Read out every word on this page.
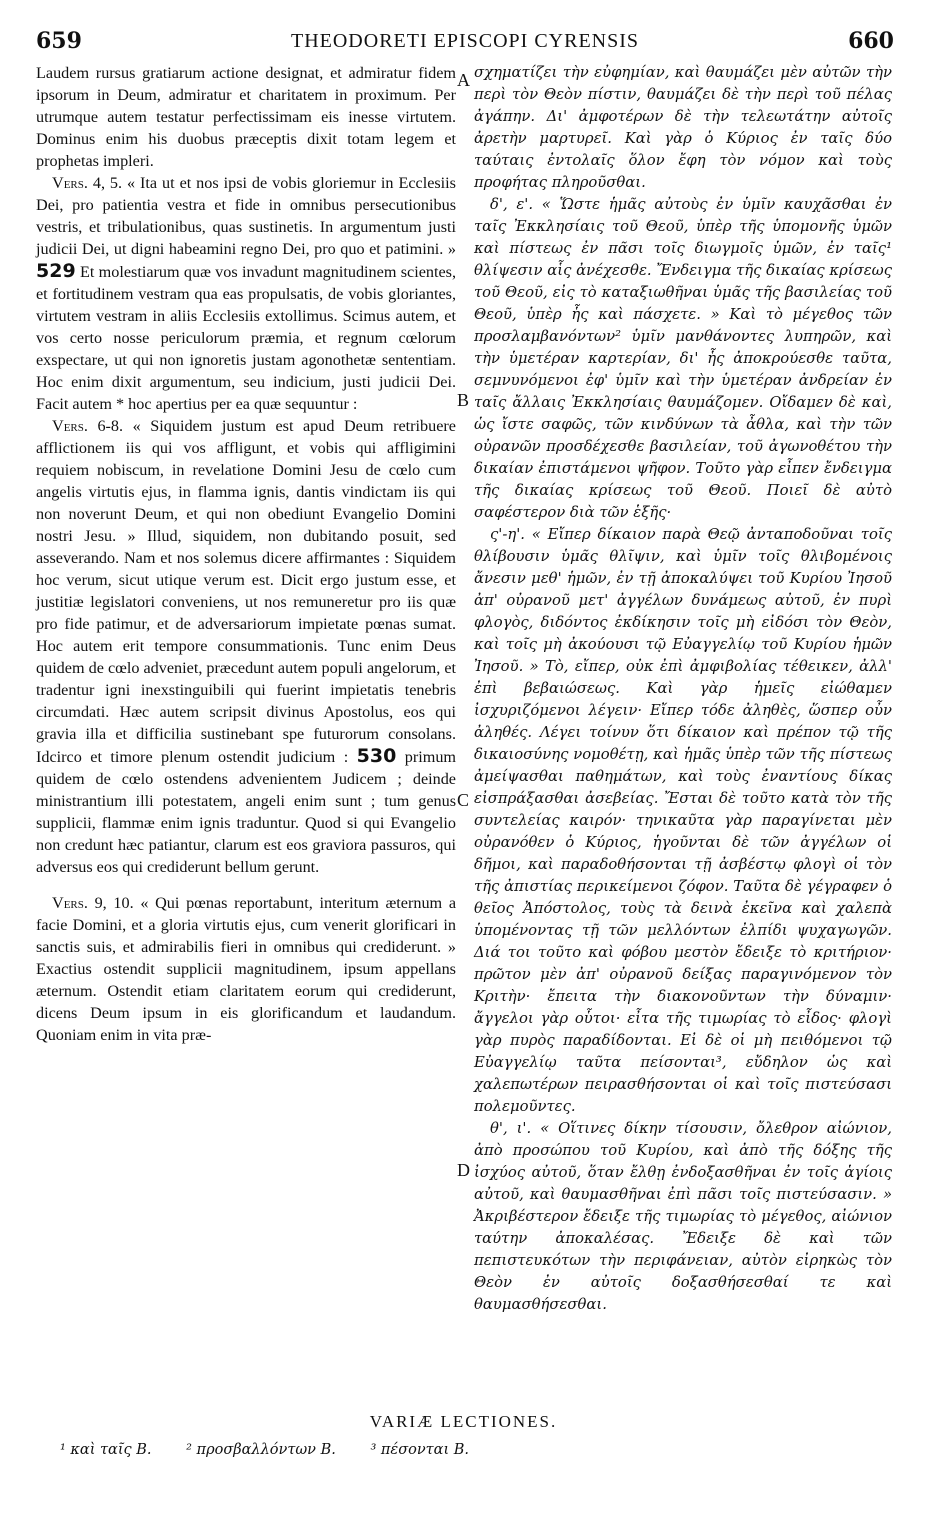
659	THEODORETI EPISCOPI CYRENSIS	660

Laudem rursus gratiarum actione designat, et admiratur fidem ipsorum in Deum, admiratur et charitatem in proximum. Per utrumque autem testatur perfectissimam eis inesse virtutem. Dominus enim his duobus præceptis dixit totam legem et prophetas impleri.

Vers. 4, 5. « Ita ut et nos ipsi de vobis gloriemur in Ecclesiis Dei, pro patientia vestra et fide in omnibus persecutionibus vestris, et tribulationibus, quas sustinetis. In argumentum justi judicii Dei, ut digni habeamini regno Dei, pro quo et patimini. » 529 Et molestiarum quæ vos invadunt magnitudinem scientes, et fortitudinem vestram qua eas propulsatis, de vobis gloriantes, virtutem vestram in aliis Ecclesiis extollimus. Scimus autem, et vos certo nosse periculorum præmia, et regnum cœlorum exspectare, ut qui non ignoretis justam agonothetæ sententiam. Hoc enim dixit argumentum, seu indicium, justi judicii Dei. Facit autem * hoc apertius per ea quæ sequuntur :

Vers. 6-8. « Siquidem justum est apud Deum retribuere afflictionem iis qui vos affligunt, et vobis qui affligimini requiem nobiscum, in revelatione Domini Jesu de cœlo cum angelis virtutis ejus, in flamma ignis, dantis vindictam iis qui non noverunt Deum, et qui non obediunt Evangelio Domini nostri Jesu. » Illud, siquidem, non dubitando posuit, sed asseverando. Nam et nos solemus dicere affirmantes : Siquidem hoc verum, sicut utique verum est. Dicit ergo justum esse, et justitiæ legislatori conveniens, ut nos remuneretur pro iis quæ pro fide patimur, et de adversariorum impietate pœnas sumat. Hoc autem erit tempore consummationis. Tunc enim Deus quidem de cœlo adveniet, præcedunt autem populi angelorum, et tradentur igni inexstinguibili qui fuerint impietatis tenebris circumdati. Hæc autem scripsit divinus Apostolus, eos qui gravia illa et difficilia sustinebant spe futurorum consolans. Idcirco et timore plenum ostendit judicium : 530 primum quidem de cœlo ostendens advenientem Judicem ; deinde ministrantium illi potestatem, angeli enim sunt ; tum genus supplicii, flammæ enim ignis traduntur. Quod si qui Evangelio non credunt hæc patiantur, clarum est eos graviora passuros, qui adversus eos qui crediderunt bellum gerunt.

Vers. 9, 10. « Qui pœnas reportabunt, interitum æternum a facie Domini, et a gloria virtutis ejus, cum venerit glorificari in sanctis suis, et admirabilis fieri in omnibus qui crediderunt. » Exactius ostendit supplicii magnitudinem, ipsum appellans æternum. Ostendit etiam claritatem eorum qui crediderunt, dicens Deum ipsum in eis glorificandum et laudandum. Quoniam enim in vita præ-

σχηματίζει τὴν εὐφημίαν, καὶ θαυμάζει μὲν αὐτῶν τὴν περὶ τὸν Θεὸν πίστιν, θαυμάζει δὲ τὴν περὶ τοῦ πέλας ἀγάπην. Δι' ἀμφοτέρων δὲ τὴν τελεωτάτην αὐτοῖς ἀρετὴν μαρτυρεῖ. Καὶ γὰρ ὁ Κύριος ἐν ταῖς δύο ταύταις ἐντολαῖς ὅλον ἔφη τὸν νόμον καὶ τοὺς προφήτας πληροῦσθαι.

δ', ε'. « Ὥστε ἡμᾶς αὐτοὺς ἐν ὑμῖν καυχᾶσθαι ἐν ταῖς Ἐκκλησίαις τοῦ Θεοῦ, ὑπὲρ τῆς ὑπομονῆς ὑμῶν καὶ πίστεως ἐν πᾶσι τοῖς διωγμοῖς ὑμῶν, ἐν ταῖς¹ θλίψεσιν αἷς ἀνέχεσθε. Ἔνδειγμα τῆς δικαίας κρίσεως τοῦ Θεοῦ, εἰς τὸ καταξιωθῆναι ὑμᾶς τῆς βασιλείας τοῦ Θεοῦ, ὑπὲρ ἧς καὶ πάσχετε. » Καὶ τὸ μέγεθος τῶν προσλαμβανόντων² ὑμῖν μανθάνοντες λυπηρῶν, καὶ τὴν ὑμετέραν καρτερίαν, δι' ἧς ἀποκρούεσθε ταῦτα, σεμνυνόμενοι ἐφ' ὑμῖν καὶ τὴν ὑμετέραν ἀνδρείαν ἐν ταῖς ἄλλαις Ἐκκλησίαις θαυμάζομεν. Οἴδαμεν δὲ καὶ, ὡς ἴστε σαφῶς, τῶν κινδύνων τὰ ἆθλα, καὶ τὴν τῶν οὐρανῶν προσδέχεσθε βασιλείαν, τοῦ ἀγωνοθέτου τὴν δικαίαν ἐπιστάμενοι ψῆφον. Τοῦτο γὰρ εἶπεν ἔνδειγμα τῆς δικαίας κρίσεως τοῦ Θεοῦ. Ποιεῖ δὲ αὐτὸ σαφέστερον διὰ τῶν ἑξῆς·

ς'-η'. « Εἴπερ δίκαιον παρὰ Θεῷ ἀνταποδοῦναι τοῖς θλίβουσιν ὑμᾶς θλῖψιν, καὶ ὑμῖν τοῖς θλιβομένοις ἄνεσιν μεθ' ἡμῶν, ἐν τῇ ἀποκαλύψει τοῦ Κυρίου Ἰησοῦ ἀπ' οὐρανοῦ μετ' ἀγγέλων δυνάμεως αὐτοῦ, ἐν πυρὶ φλογὸς, διδόντος ἐκδίκησιν τοῖς μὴ εἰδόσι τὸν Θεὸν, καὶ τοῖς μὴ ἀκούουσι τῷ Εὐαγγελίῳ τοῦ Κυρίου ἡμῶν Ἰησοῦ. » Τὸ, εἴπερ, οὐκ ἐπὶ ἀμφιβολίας τέθεικεν, ἀλλ' ἐπὶ βεβαιώσεως. Καὶ γὰρ ἡμεῖς εἰώθαμεν ἰσχυριζόμενοι λέγειν· Εἴπερ τόδε ἀληθὲς, ὥσπερ οὖν ἀληθές. Λέγει τοίνυν ὅτι δίκαιον καὶ πρέπον τῷ τῆς δικαιοσύνης νομοθέτῃ, καὶ ἡμᾶς ὑπὲρ τῶν τῆς πίστεως ἀμείψασθαι παθημάτων, καὶ τοὺς ἐναντίους δίκας εἰσπράξασθαι ἀσεβείας. Ἔσται δὲ τοῦτο κατὰ τὸν τῆς συντελείας καιρόν· τηνικαῦτα γὰρ παραγίνεται μὲν οὐρανόθεν ὁ Κύριος, ἡγοῦνται δὲ τῶν ἀγγέλων οἱ δῆμοι, καὶ παραδοθήσονται τῇ ἀσβέστῳ φλογὶ οἱ τὸν τῆς ἀπιστίας περικείμενοι ζόφον. Ταῦτα δὲ γέγραφεν ὁ θεῖος Ἀπόστολος, τοὺς τὰ δεινὰ ἐκεῖνα καὶ χαλεπὰ ὑπομένοντας τῇ τῶν μελλόντων ἐλπίδι ψυχαγωγῶν. Διά τοι τοῦτο καὶ φόβου μεστὸν ἔδειξε τὸ κριτήριον· πρῶτον μὲν ἀπ' οὐρανοῦ δείξας παραγινόμενον τὸν Κριτὴν· ἔπειτα τὴν διακονοῦντων τὴν δύναμιν· ἄγγελοι γὰρ οὗτοι· εἶτα τῆς τιμωρίας τὸ εἶδος· φλογὶ γὰρ πυρὸς παραδίδονται. Εἰ δὲ οἱ μὴ πειθόμενοι τῷ Εὐαγγελίῳ ταῦτα πείσονται³, εὔδηλον ὡς καὶ χαλεπωτέρων πειρασθήσονται οἱ καὶ τοῖς πιστεύσασι πολεμοῦντες.

θ', ι'. « Οἵτινες δίκην τίσουσιν, ὄλεθρον αἰώνιον, ἀπὸ προσώπου τοῦ Κυρίου, καὶ ἀπὸ τῆς δόξης τῆς ἰσχύος αὐτοῦ, ὅταν ἔλθῃ ἐνδοξασθῆναι ἐν τοῖς ἁγίοις αὐτοῦ, καὶ θαυμασθῆναι ἐπὶ πᾶσι τοῖς πιστεύσασιν. » Ἀκριβέστερον ἔδειξε τῆς τιμωρίας τὸ μέγεθος, αἰώνιον ταύτην ἀποκαλέσας. Ἔδειξε δὲ καὶ τῶν πεπιστευκότων τὴν περιφάνειαν, αὐτὸν εἰρηκὼς τὸν Θεὸν ἐν αὐτοῖς δοξασθήσεσθαί τε καὶ θαυμασθήσεσθαι.

A
B
C
D
VARIÆ LECTIONES.
¹ καὶ ταῖς B. ² προσβαλλόντων B. ³ πέσονται B.
